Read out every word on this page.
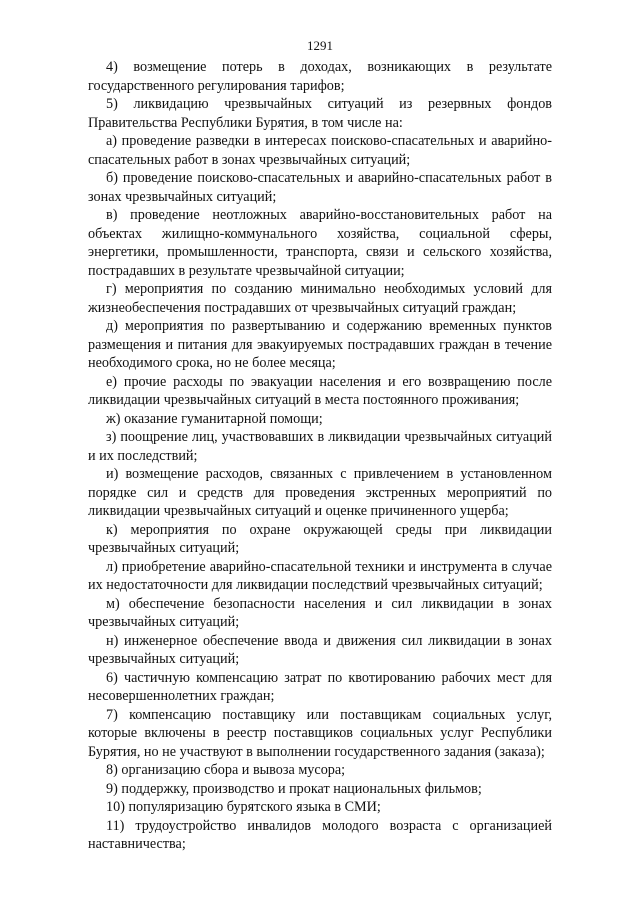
1291

4) возмещение потерь в доходах, возникающих в результате государственного регулирования тарифов;

5) ликвидацию чрезвычайных ситуаций из резервных фондов Правительства Республики Бурятия, в том числе на:

а) проведение разведки в интересах поисково-спасательных и аварийно-спасательных работ в зонах чрезвычайных ситуаций;

б) проведение поисково-спасательных и аварийно-спасательных работ в зонах чрезвычайных ситуаций;

в) проведение неотложных аварийно-восстановительных работ на объектах жилищно-коммунального хозяйства, социальной сферы, энергетики, промышленности, транспорта, связи и сельского хозяйства, пострадавших в результате чрезвычайной ситуации;

г) мероприятия по созданию минимально необходимых условий для жизнеобеспечения пострадавших от чрезвычайных ситуаций граждан;

д) мероприятия по развертыванию и содержанию временных пунктов размещения и питания для эвакуируемых пострадавших граждан в течение необходимого срока, но не более месяца;

е) прочие расходы по эвакуации населения и его возвращению после ликвидации чрезвычайных ситуаций в места постоянного проживания;

ж) оказание гуманитарной помощи;

з) поощрение лиц, участвовавших в ликвидации чрезвычайных ситуаций и их последствий;

и) возмещение расходов, связанных с привлечением в установленном порядке сил и средств для проведения экстренных мероприятий по ликвидации чрезвычайных ситуаций и оценке причиненного ущерба;

к) мероприятия по охране окружающей среды при ликвидации чрезвычайных ситуаций;

л) приобретение аварийно-спасательной техники и инструмента в случае их недостаточности для ликвидации последствий чрезвычайных ситуаций;

м) обеспечение безопасности населения и сил ликвидации в зонах чрезвычайных ситуаций;

н) инженерное обеспечение ввода и движения сил ликвидации в зонах чрезвычайных ситуаций;

6) частичную компенсацию затрат по квотированию рабочих мест для несовершеннолетних граждан;

7) компенсацию поставщику или поставщикам социальных услуг, которые включены в реестр поставщиков социальных услуг Республики Бурятия, но не участвуют в выполнении государственного задания (заказа);

8) организацию сбора и вывоза мусора;

9) поддержку, производство и прокат национальных фильмов;

10) популяризацию бурятского языка в СМИ;

11) трудоустройство инвалидов молодого возраста с организацией наставничества;
